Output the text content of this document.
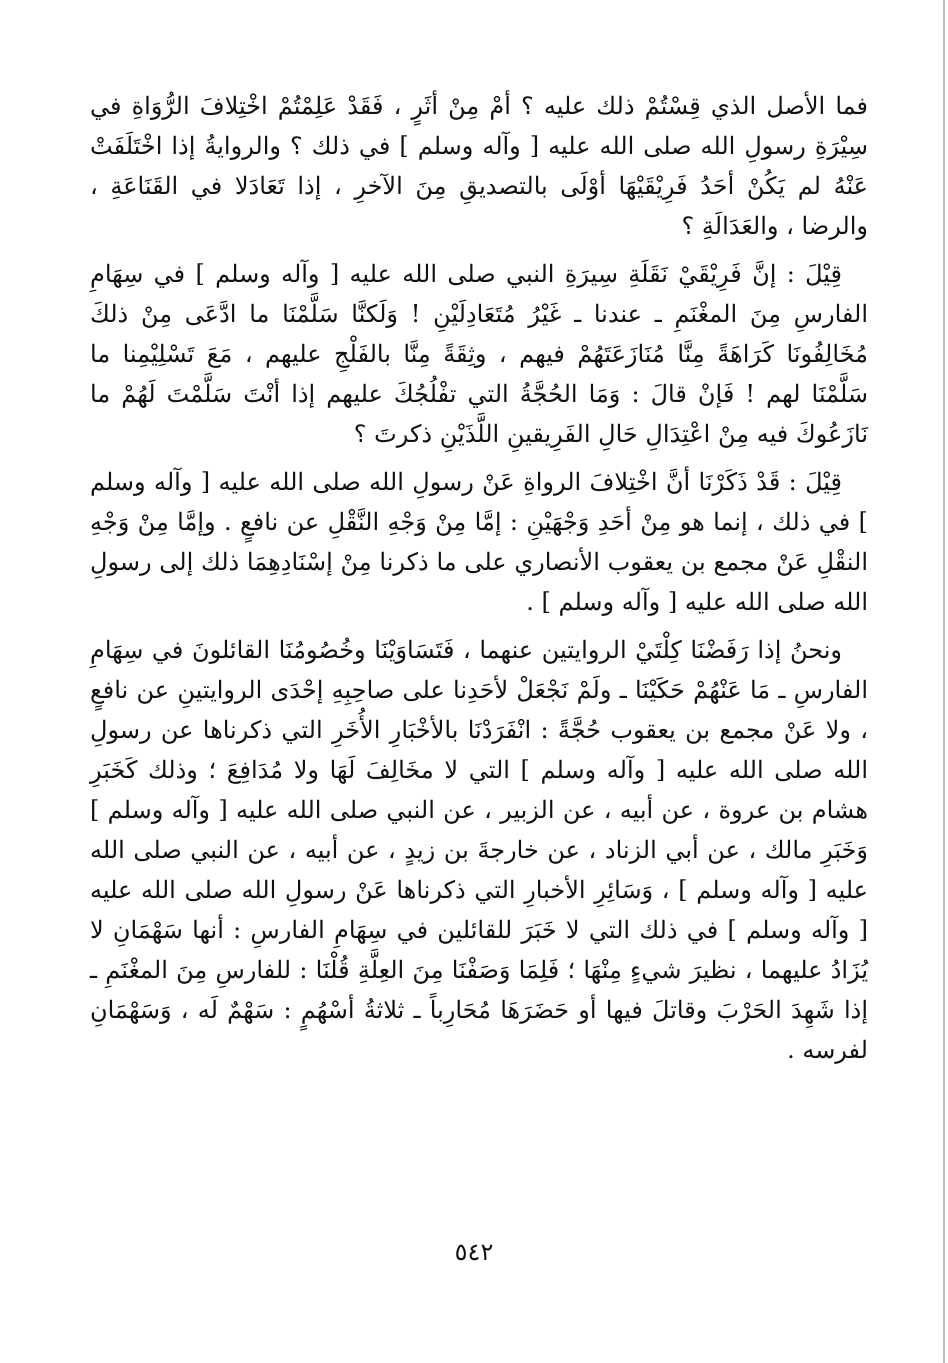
فما الأصل الذي قِسْتُمْ ذلك عليه ؟ أمْ مِنْ أثَرٍ ، فَقَدْ عَلِمْتُمْ اخْتِلافَ الرُّوَاةِ في سِيْرَةِ رسولِ الله صلى الله عليه [ وآله وسلم ] في ذلك ؟ والروايةُ إذا اخْتَلَفَتْ عَنْهُ لم يَكُنْ أحَدُ فَرِيْقَيْهَا أوْلَى بالتصديقِ مِنَ الآخرِ ، إذا تَعَادَلا في القَنَاعَةِ ، والرضا ، والعَدَالَةِ ؟

قِيْلَ : إنَّ فَرِيْقَيْ نَقَلَةِ سِيرَةِ النبي صلى الله عليه [ وآله وسلم ] في سِهَامِ الفارسِ مِنَ المغْنَمِ ـ عندنا ـ غَيْرُ مُتَعَادِلَيْنِ ! وَلَكنَّا سَلَّمْنَا ما ادَّعَى مِنْ ذلكَ مُخَالِفُونَا كَرَاهَةً مِنَّا مُنَازَعَتَهُمْ فيهم ، وثِقَةً مِنَّا بالفَلْجِ عليهم ، مَعَ تَسْلِيْمِنا ما سَلَّمْنَا لهم ! فَإنْ قالَ : وَمَا الحُجَّةُ التي تفْلُجُكَ عليهم إذا أنْتَ سَلَّمْتَ لَهُمْ ما نَازَعُوكَ فيه مِنْ اعْتِدَالِ حَالِ الفَرِيقينِ اللَّذَيْنِ ذكرتَ ؟

قِيْلَ : قَدْ ذَكَرْنَا أنَّ اخْتِلافَ الرواةِ عَنْ رسولِ الله صلى الله عليه [ وآله وسلم ] في ذلك ، إنما هو مِنْ أحَدِ وَجْهَيْنِ : إمَّا مِنْ وَجْهِ النَّقْلِ عن نافعٍ . وإمَّا مِنْ وَجْهِ النقْلِ عَنْ مجمع بن يعقوب الأنصاري على ما ذكرنا مِنْ إسْنَادِهِمَا ذلك إلى رسولِ الله صلى الله عليه [ وآله وسلم ] .

ونحنُ إذا رَفَضْنَا كِلْتَيْ الروايتين عنهما ، فَتَسَاوَيْنَا وخُصُومُنَا القائلونَ في سِهَامِ الفارسِ ـ مَا عَنْهُمْ حَكَيْنَا ـ ولَمْ نَجْعَلْ لأحَدِنا على صاحِبِهِ إحْدَى الروايتينِ عن نافعٍ ، ولا عَنْ مجمع بن يعقوب حُجَّةً : انْفَرَدْنَا بالأخْبَارِ الأُخَرِ التي ذكرناها عن رسولِ الله صلى الله عليه [ وآله وسلم ] التي لا مخَالِفَ لَهَا ولا مُدَافِعَ ؛ وذلك كَخَبَرِ هشام بن عروة ، عن أبيه ، عن الزبير ، عن النبي صلى الله عليه [ وآله وسلم ] وَخَبَرِ مالك ، عن أبي الزناد ، عن خارجةَ بن زيدٍ ، عن أبيه ، عن النبي صلى الله عليه [ وآله وسلم ] ، وَسَائِرِ الأخبارِ التي ذكرناها عَنْ رسولِ الله صلى الله عليه [ وآله وسلم ] في ذلك التي لا خَبَرَ للقائلين في سِهَامِ الفارسِ : أنها سَهْمَانِ لا يُزَادُ عليهما ، نظيرَ شيءٍ مِنْهَا ؛ فَلِمَا وَصَفْنَا مِنَ العِلَّةِ قُلْنَا : للفارسِ مِنَ المغْنَمِ ـ إذا شَهِدَ الحَرْبَ وقاتلَ فيها أو حَضَرَهَا مُحَارِباً ـ ثلاثةُ أسْهُمٍ : سَهْمٌ لَه ، وَسَهْمَانِ لفرسه .

٥٤٢
